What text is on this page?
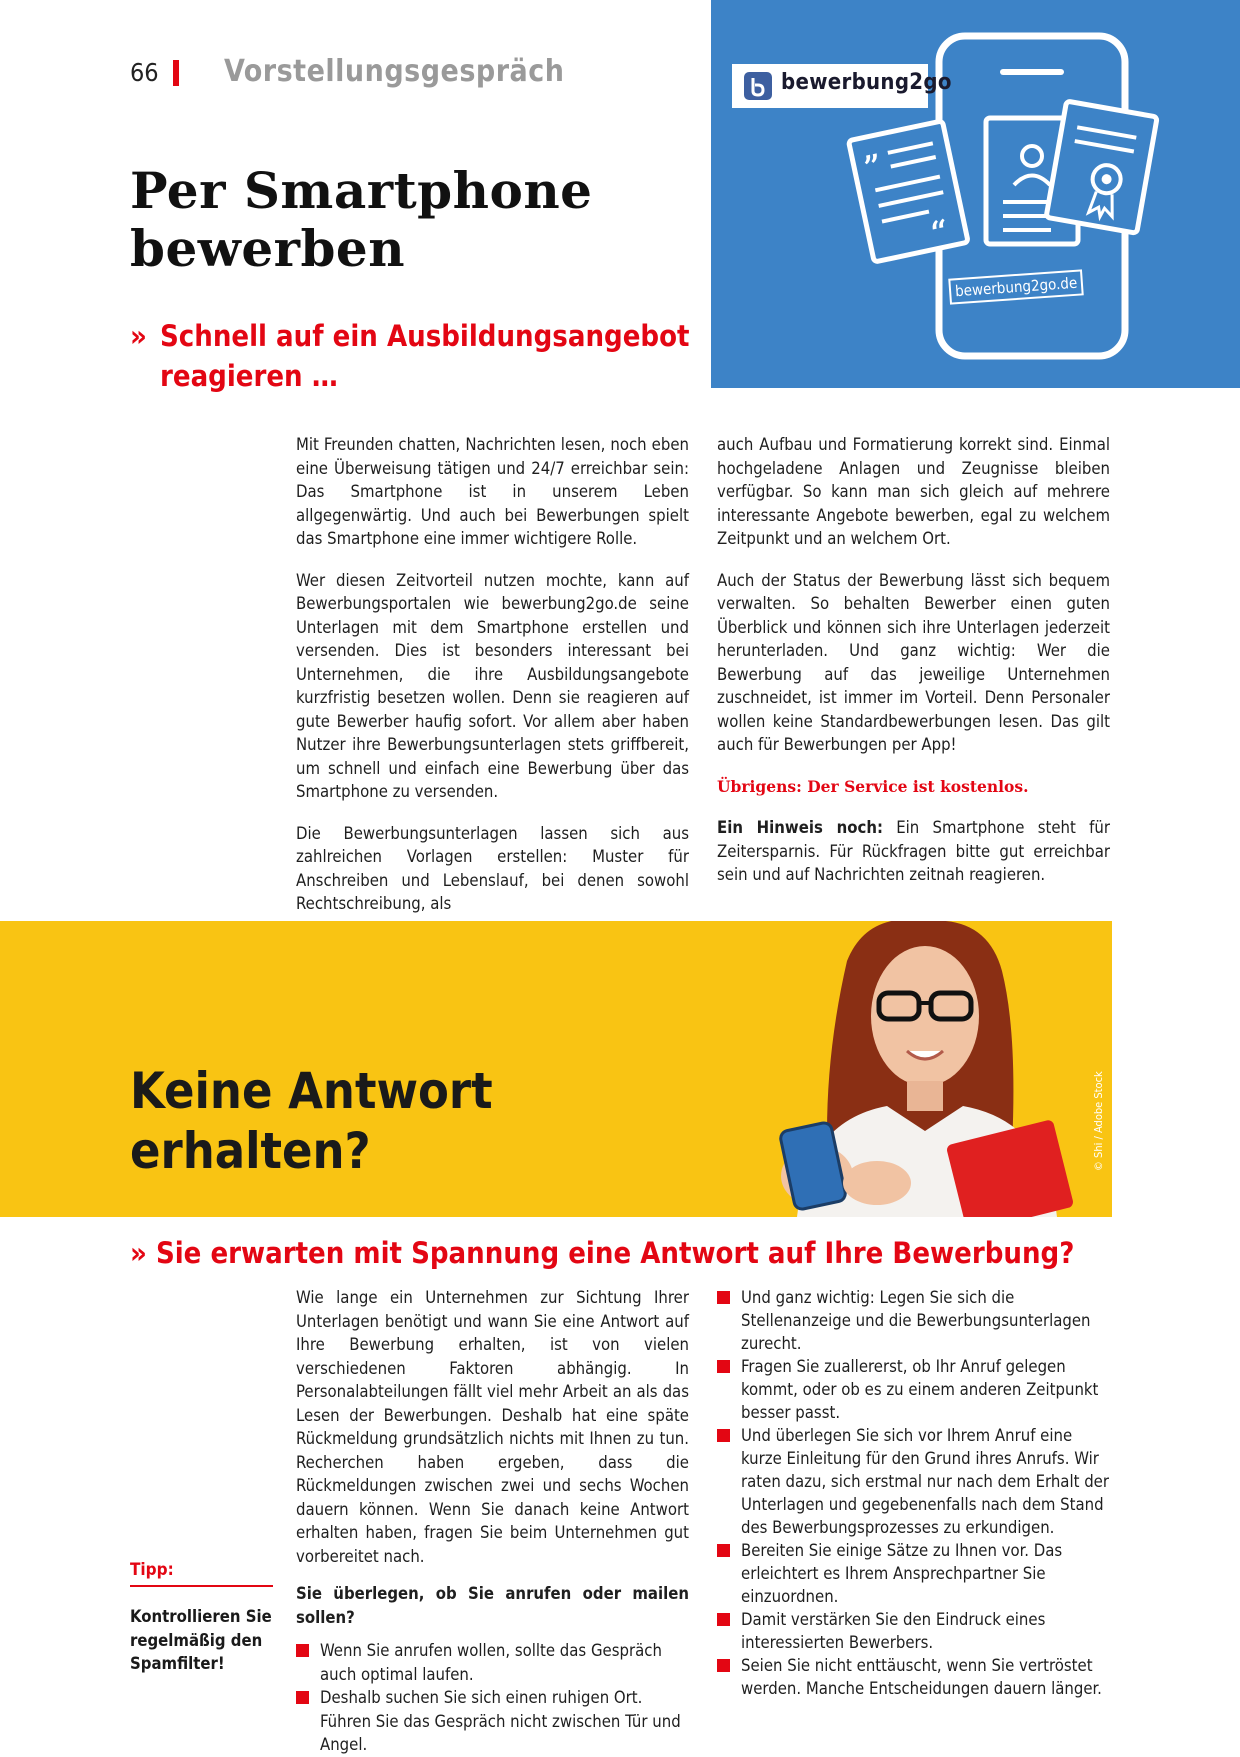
66 Vorstellungsgespräch
Per Smartphone
bewerben
» Schnell auf ein Ausbildungsangebot
reagieren …
”
“
bewerbung2go
bewerbung2go.de

Mit Freunden chatten, Nachrichten lesen, noch eben eine Überweisung tätigen und 24/7 erreichbar sein: Das Smartphone ist in unserem Leben allgegenwärtig. Und auch bei Bewerbungen spielt das Smartphone eine immer wichtigere Rolle.

Wer diesen Zeitvorteil nutzen mochte, kann auf Bewerbungsportalen wie bewerbung2go.de seine Unterlagen mit dem Smartphone erstellen und versenden. Dies ist besonders interessant bei Unternehmen, die ihre Ausbildungsangebote kurzfristig besetzen wollen. Denn sie reagieren auf gute Bewerber haufig sofort. Vor allem aber haben Nutzer ihre Bewerbungsunterlagen stets griffbereit, um schnell und einfach eine Bewerbung über das Smartphone zu versenden.

Die Bewerbungsunterlagen lassen sich aus zahlreichen Vorlagen erstellen: Muster für Anschreiben und Lebenslauf, bei denen sowohl Rechtschreibung, als

auch Aufbau und Formatierung korrekt sind. Einmal hochgeladene Anlagen und Zeugnisse bleiben verfügbar. So kann man sich gleich auf mehrere interessante Angebote bewerben, egal zu welchem Zeitpunkt und an welchem Ort.

Auch der Status der Bewerbung lässt sich bequem verwalten. So behalten Bewerber einen guten Überblick und können sich ihre Unterlagen jederzeit herunterladen. Und ganz wichtig: Wer die Bewerbung auf das jeweilige Unternehmen zuschneidet, ist immer im Vorteil. Denn Personaler wollen keine Standardbewerbungen lesen. Das gilt auch für Bewerbungen per App!

Übrigens: Der Service ist kostenlos.

Ein Hinweis noch: Ein Smartphone steht für Zeitersparnis. Für Rückfragen bitte gut erreichbar sein und auf Nachrichten zeitnah reagieren.

Keine Antwort
erhalten?	© Shi / Adobe Stock
» Sie erwarten mit Spannung eine Antwort auf Ihre Bewerbung?

Wie lange ein Unternehmen zur Sichtung Ihrer Unterlagen benötigt und wann Sie eine Antwort auf Ihre Bewerbung erhalten, ist von vielen verschiedenen Faktoren abhängig. In Personalabteilungen fällt viel mehr Arbeit an als das Lesen der Bewerbungen. Deshalb hat eine späte Rückmeldung grundsätzlich nichts mit Ihnen zu tun. Recherchen haben ergeben, dass die Rückmeldungen zwischen zwei und sechs Wochen dauern können. Wenn Sie danach keine Antwort erhalten haben, fragen Sie beim Unternehmen gut vorbereitet nach.

Sie überlegen, ob Sie anrufen oder mailen sollen?
Wenn Sie anrufen wollen, sollte das Gespräch auch optimal laufen.
Deshalb suchen Sie sich einen ruhigen Ort. Führen Sie das Gespräch nicht zwischen Tür und Angel.
Und ganz wichtig: Legen Sie sich die Stellenanzeige und die Bewerbungsunterlagen zurecht.
Fragen Sie zuallererst, ob Ihr Anruf gelegen kommt, oder ob es zu einem anderen Zeitpunkt besser passt.
Und überlegen Sie sich vor Ihrem Anruf eine kurze Einleitung für den Grund ihres Anrufs. Wir raten dazu, sich erstmal nur nach dem Erhalt der Unterlagen und gegebenenfalls nach dem Stand des Bewerbungsprozesses zu erkundigen.
Bereiten Sie einige Sätze zu Ihnen vor. Das erleichtert es Ihrem Ansprechpartner Sie einzuordnen.
Damit verstärken Sie den Eindruck eines interessierten Bewerbers.
Seien Sie nicht enttäuscht, wenn Sie vertröstet werden. Manche Entscheidungen dauern länger.
Tipp:
Kontrollieren Sie regelmäßig den Spamfilter!
